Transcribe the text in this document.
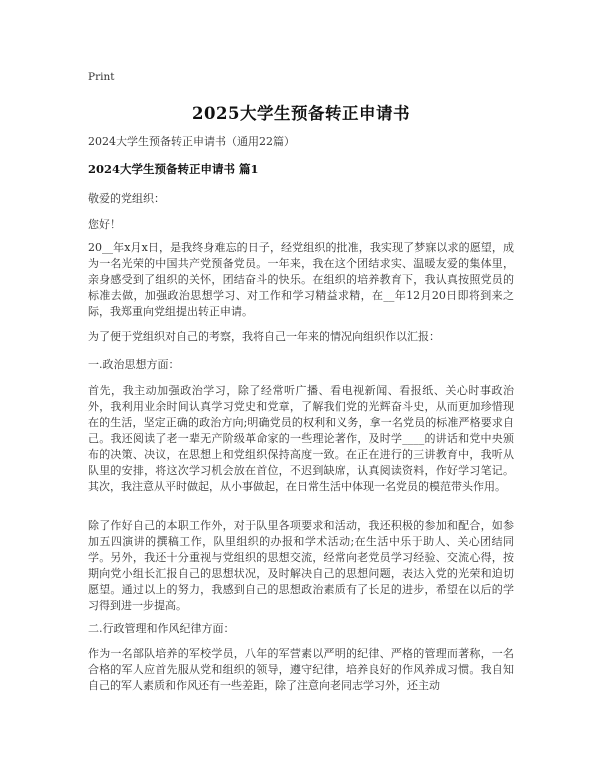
Print
2025大学生预备转正申请书
2024大学生预备转正申请书（通用22篇）
2024大学生预备转正申请书 篇1
敬爱的党组织：
您好！
20__年x月x日，是我终身难忘的日子，经党组织的批准，我实现了梦寐以求的愿望，成为一名光荣的中国共产党预备党员。一年来，我在这个团结求实、温暖友爱的集体里，亲身感受到了组织的关怀，团结奋斗的快乐。在组织的培养教育下，我认真按照党员的标准去做，加强政治思想学习、对工作和学习精益求精，在__年12月20日即将到来之际，我郑重向党组提出转正申请。
为了便于党组织对自己的考察，我将自己一年来的情况向组织作以汇报：
一.政治思想方面：
首先，我主动加强政治学习，除了经常听广播、看电视新闻、看报纸、关心时事政治外，我利用业余时间认真学习党史和党章，了解我们党的光辉奋斗史，从而更加珍惜现在的生活，坚定正确的政治方向;明确党员的权利和义务，拿一名党员的标准严格要求自己。我还阅读了老一辈无产阶级革命家的一些理论著作，及时学____的讲话和党中央颁布的决策、决议，在思想上和党组织保持高度一致。在正在进行的三讲教育中，我听从队里的安排，将这次学习机会放在首位，不迟到缺席，认真阅读资料，作好学习笔记。其次，我注意从平时做起，从小事做起，在日常生活中体现一名党员的模范带头作用。
除了作好自己的本职工作外，对于队里各项要求和活动，我还积极的参加和配合，如参加五四演讲的撰稿工作，队里组织的办报和学术活动;在生活中乐于助人、关心团结同学。另外，我还十分重视与党组织的思想交流，经常向老党员学习经验、交流心得，按期向党小组长汇报自己的思想状况，及时解决自己的思想问题，表达入党的光荣和迫切愿望。通过以上的努力，我感到自己的思想政治素质有了长足的进步，希望在以后的学习得到进一步提高。
二.行政管理和作风纪律方面：
作为一名部队培养的军校学员，八年的军营素以严明的纪律、严格的管理而著称，一名合格的军人应首先服从党和组织的领导，遵守纪律，培养良好的作风养成习惯。我自知自己的军人素质和作风还有一些差距，除了注意向老同志学习外，还主动
